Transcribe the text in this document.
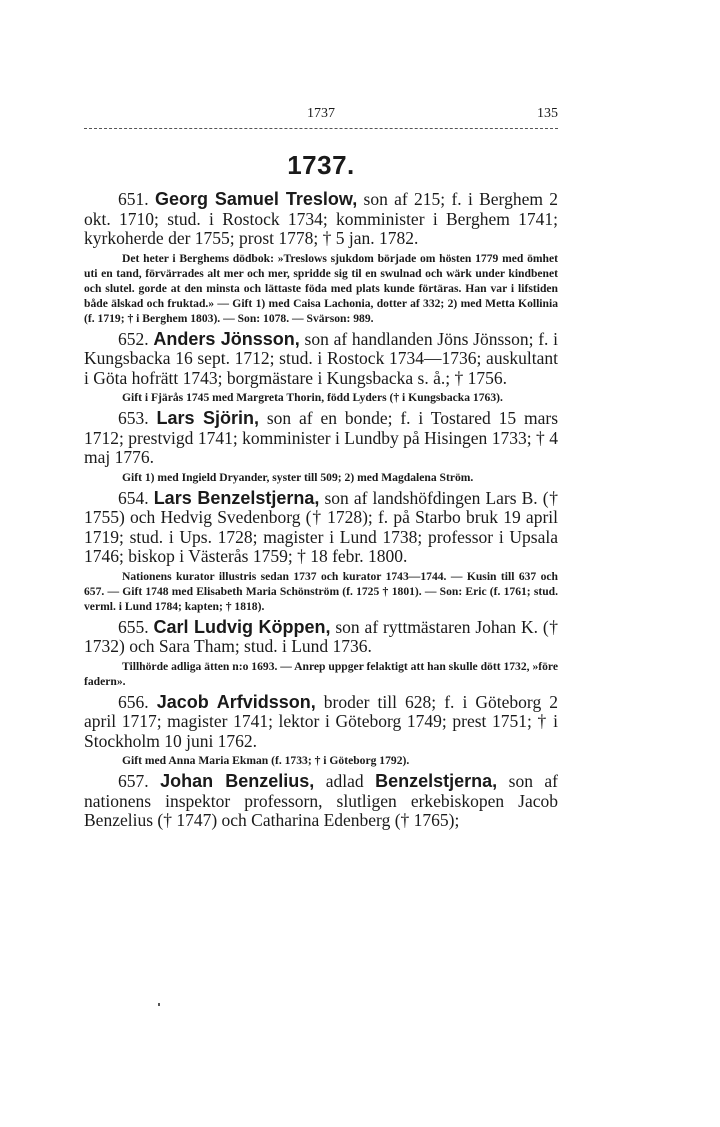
1737	135
1737.

651. Georg Samuel Treslow, son af 215; f. i Berghem 2 okt. 1710; stud. i Rostock 1734; komminister i Berghem 1741; kyrkoherde der 1755; prost 1778; † 5 jan. 1782.

Det heter i Berghems dödbok: »Treslows sjukdom började om hösten 1779 med ömhet uti en tand, förvärrades alt mer och mer, spridde sig til en swulnad och wärk under kindbenet och slutel. gorde at den minsta och lättaste föda med plats kunde förtäras. Han var i lifstiden både älskad och fruktad.» — Gift 1) med Caisa Lachonia, dotter af 332; 2) med Metta Kollinia (f. 1719; † i Berghem 1803). — Son: 1078. — Svärson: 989.

652. Anders Jönsson, son af handlanden Jöns Jönsson; f. i Kungsbacka 16 sept. 1712; stud. i Rostock 1734—1736; auskultant i Göta hofrätt 1743; borgmästare i Kungsbacka s. å.; † 1756.

Gift i Fjärås 1745 med Margreta Thorin, född Lyders († i Kungsbacka 1763).

653. Lars Sjörin, son af en bonde; f. i Tostared 15 mars 1712; prestvigd 1741; komminister i Lundby på Hisingen 1733; † 4 maj 1776.

Gift 1) med Ingield Dryander, syster till 509; 2) med Magdalena Ström.

654. Lars Benzelstjerna, son af landshöfdingen Lars B. († 1755) och Hedvig Svedenborg († 1728); f. på Starbo bruk 19 april 1719; stud. i Ups. 1728; magister i Lund 1738; professor i Upsala 1746; biskop i Västerås 1759; † 18 febr. 1800.

Nationens kurator illustris sedan 1737 och kurator 1743—1744. — Kusin till 637 och 657. — Gift 1748 med Elisabeth Maria Schönström (f. 1725 † 1801). — Son: Eric (f. 1761; stud. verml. i Lund 1784; kapten; † 1818).

655. Carl Ludvig Köppen, son af ryttmästaren Johan K. († 1732) och Sara Tham; stud. i Lund 1736.

Tillhörde adliga ätten n:o 1693. — Anrep uppger felaktigt att han skulle dött 1732, »före fadern».

656. Jacob Arfvidsson, broder till 628; f. i Göteborg 2 april 1717; magister 1741; lektor i Göteborg 1749; prest 1751; † i Stockholm 10 juni 1762.

Gift med Anna Maria Ekman (f. 1733; † i Göteborg 1792).

657. Johan Benzelius, adlad Benzelstjerna, son af nationens inspektor professorn, slutligen erkebiskopen Jacob Benzelius († 1747) och Catharina Edenberg († 1765);
